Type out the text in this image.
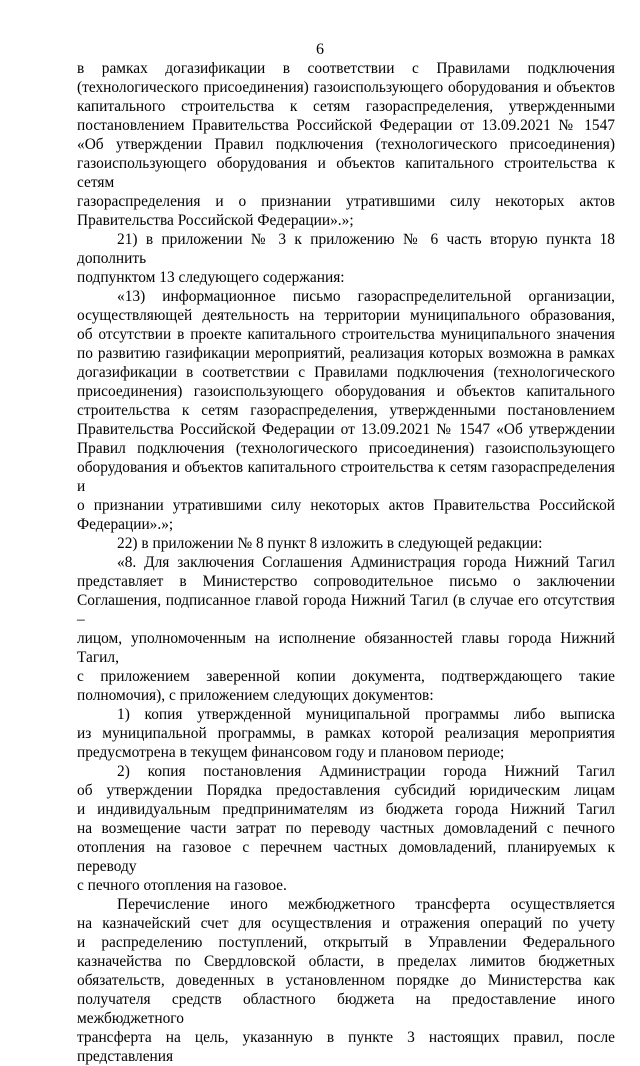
6

в рамках догазификации в соответствии с Правилами подключения

(технологического присоединения) газоиспользующего оборудования и объектов

капитального строительства к сетям газораспределения, утвержденными

постановлением Правительства Российской Федерации от 13.09.2021 № 1547

«Об утверждении Правил подключения (технологического присоединения)

газоиспользующего оборудования и объектов капитального строительства к сетям

газораспределения и о признании утратившими силу некоторых актов

Правительства Российской Федерации».»;

21) в приложении № 3 к приложению № 6 часть вторую пункта 18 дополнить

подпунктом 13 следующего содержания:

«13) информационное письмо газораспределительной организации,

осуществляющей деятельность на территории муниципального образования,

об отсутствии в проекте капитального строительства муниципального значения

по развитию газификации мероприятий, реализация которых возможна в рамках

догазификации в соответствии с Правилами подключения (технологического

присоединения) газоиспользующего оборудования и объектов капитального

строительства к сетям газораспределения, утвержденными постановлением

Правительства Российской Федерации от 13.09.2021 № 1547 «Об утверждении

Правил подключения (технологического присоединения) газоиспользующего

оборудования и объектов капитального строительства к сетям газораспределения и

о признании утратившими силу некоторых актов Правительства Российской

Федерации».»;

22) в приложении № 8 пункт 8 изложить в следующей редакции:

«8. Для заключения Соглашения Администрация города Нижний Тагил

представляет в Министерство сопроводительное письмо о заключении

Соглашения, подписанное главой города Нижний Тагил (в случае его отсутствия –

лицом, уполномоченным на исполнение обязанностей главы города Нижний Тагил,

с приложением заверенной копии документа, подтверждающего такие

полномочия), с приложением следующих документов:

1) копия утвержденной муниципальной программы либо выписка

из муниципальной программы, в рамках которой реализация мероприятия

предусмотрена в текущем финансовом году и плановом периоде;

2) копия постановления Администрации города Нижний Тагил

об утверждении Порядка предоставления субсидий юридическим лицам

и индивидуальным предпринимателям из бюджета города Нижний Тагил

на возмещение части затрат по переводу частных домовладений с печного

отопления на газовое с перечнем частных домовладений, планируемых к переводу

с печного отопления на газовое.

Перечисление иного межбюджетного трансферта осуществляется

на казначейский счет для осуществления и отражения операций по учету

и распределению поступлений, открытый в Управлении Федерального

казначейства по Свердловской области, в пределах лимитов бюджетных

обязательств, доведенных в установленном порядке до Министерства как

получателя средств областного бюджета на предоставление иного межбюджетного

трансферта на цель, указанную в пункте 3 настоящих правил, после представления
